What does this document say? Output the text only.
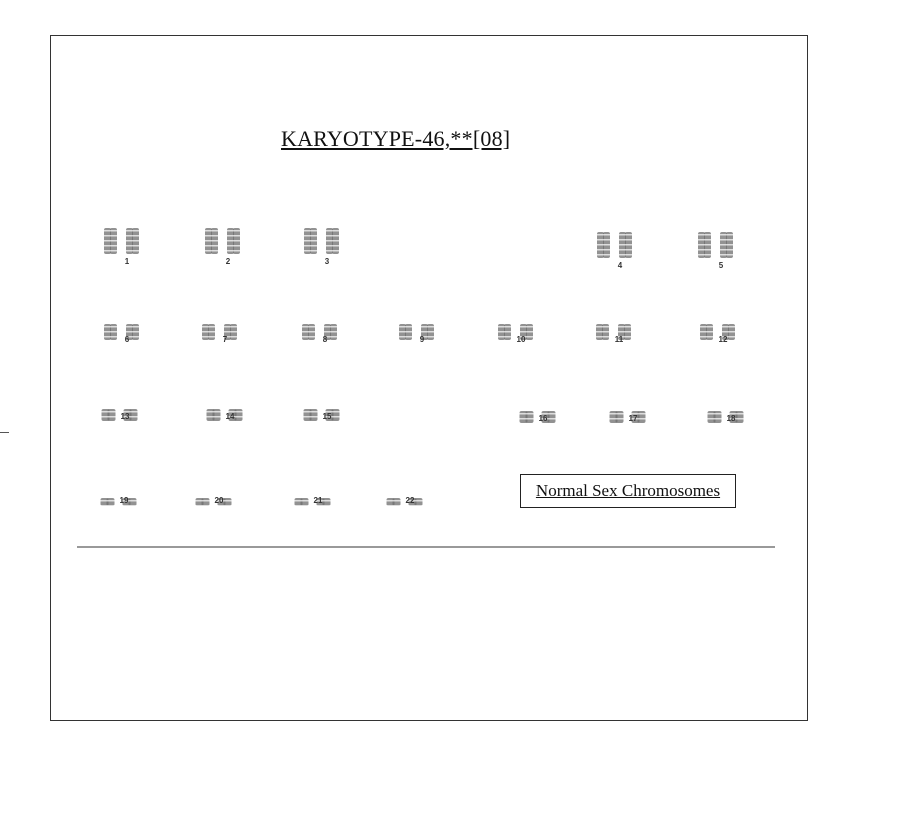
KARYOTYPE-46,**[08]
1	2	3	4	5
6	7	8	9	10	11	12
13	14	15	16	17	18
19	20	21	22
Normal Sex Chromosomes
